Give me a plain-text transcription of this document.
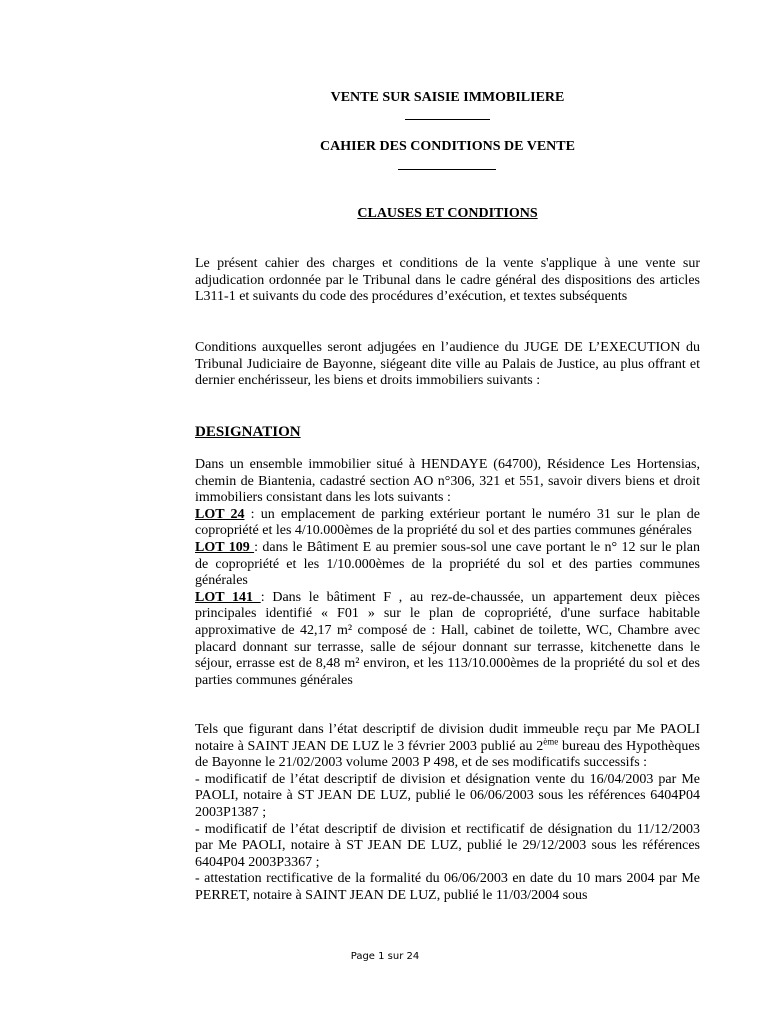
VENTE SUR SAISIE IMMOBILIERE
CAHIER DES CONDITIONS DE VENTE
CLAUSES ET CONDITIONS

Le présent cahier des charges et conditions de la vente s'applique à une vente sur adjudication ordonnée par le Tribunal dans le cadre général des dispositions des articles L311-1 et suivants du code des procédures d’exécution, et textes subséquents

Conditions auxquelles seront adjugées en l’audience du JUGE DE L’EXECUTION du Tribunal Judiciaire de Bayonne, siégeant dite ville au Palais de Justice, au plus offrant et dernier enchérisseur, les biens et droits immobiliers suivants :

DESIGNATION

Dans un ensemble immobilier situé à HENDAYE (64700), Résidence Les Hortensias, chemin de Biantenia, cadastré section AO n°306, 321 et 551, savoir divers biens et droit immobiliers consistant dans les lots suivants :

LOT 24 : un emplacement de parking extérieur portant le numéro 31 sur le plan de copropriété et les 4/10.000èmes de la propriété du sol et des parties communes générales

LOT 109 : dans le Bâtiment E au premier sous-sol une cave portant le n° 12 sur le plan de copropriété et les 1/10.000èmes de la propriété du sol et des parties communes générales

LOT 141 : Dans le bâtiment F , au rez-de-chaussée, un appartement deux pièces principales identifié « F01 » sur le plan de copropriété, d'une surface habitable approximative de 42,17 m² composé de : Hall, cabinet de toilette, WC, Chambre avec placard donnant sur terrasse, salle de séjour donnant sur terrasse, kitchenette dans le séjour, errasse est de 8,48 m² environ, et les 113/10.000èmes de la propriété du sol et des parties communes générales

Tels que figurant dans l’état descriptif de division dudit immeuble reçu par Me PAOLI notaire à SAINT JEAN DE LUZ le 3 février 2003 publié au 2ème bureau des Hypothèques de Bayonne le 21/02/2003 volume 2003 P 498, et de ses modificatifs successifs :

- modificatif de l’état descriptif de division et désignation vente du 16/04/2003 par Me PAOLI, notaire à ST JEAN DE LUZ, publié le 06/06/2003 sous les références 6404P04 2003P1387 ;

- modificatif de l’état descriptif de division et rectificatif de désignation du 11/12/2003 par Me PAOLI, notaire à ST JEAN DE LUZ, publié le 29/12/2003 sous les références 6404P04 2003P3367 ;

- attestation rectificative de la formalité du 06/06/2003 en date du 10 mars 2004 par Me PERRET, notaire à SAINT JEAN DE LUZ, publié le 11/03/2004 sous

Page 1 sur 24
